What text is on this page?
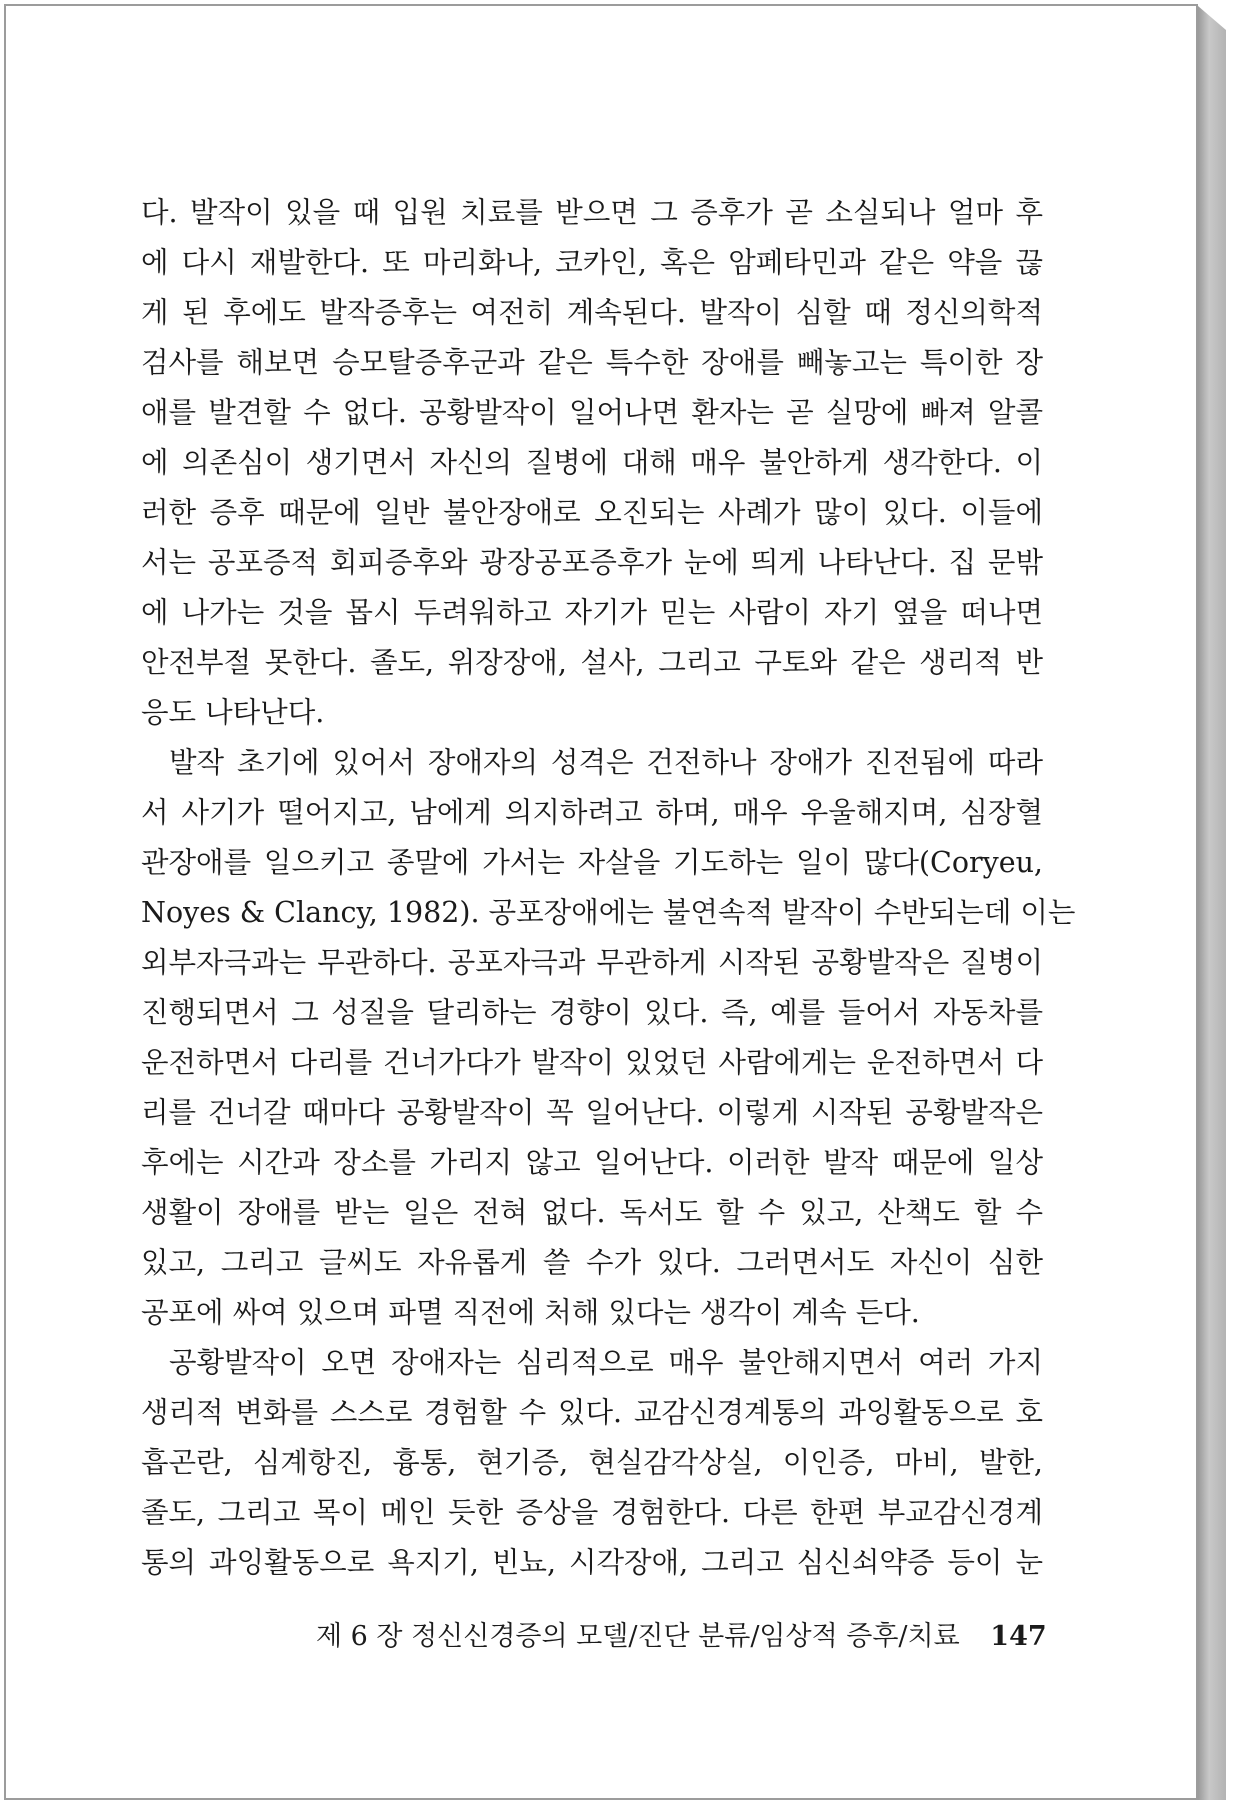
다. 발작이 있을 때 입원 치료를 받으면 그 증후가 곧 소실되나 얼마 후
에 다시 재발한다. 또 마리화나, 코카인, 혹은 암페타민과 같은 약을 끊
게 된 후에도 발작증후는 여전히 계속된다. 발작이 심할 때 정신의학적
검사를 해보면 승모탈증후군과 같은 특수한 장애를 빼놓고는 특이한 장
애를 발견할 수 없다. 공황발작이 일어나면 환자는 곧 실망에 빠져 알콜
에 의존심이 생기면서 자신의 질병에 대해 매우 불안하게 생각한다. 이
러한 증후 때문에 일반 불안장애로 오진되는 사례가 많이 있다. 이들에
서는 공포증적 회피증후와 광장공포증후가 눈에 띄게 나타난다. 집 문밖
에 나가는 것을 몹시 두려워하고 자기가 믿는 사람이 자기 옆을 떠나면
안전부절 못한다. 졸도, 위장장애, 설사, 그리고 구토와 같은 생리적 반
응도 나타난다.
발작 초기에 있어서 장애자의 성격은 건전하나 장애가 진전됨에 따라
서 사기가 떨어지고, 남에게 의지하려고 하며, 매우 우울해지며, 심장혈
관장애를 일으키고 종말에 가서는 자살을 기도하는 일이 많다(Coryeu,
Noyes & Clancy, 1982). 공포장애에는 불연속적 발작이 수반되는데 이는
외부자극과는 무관하다. 공포자극과 무관하게 시작된 공황발작은 질병이
진행되면서 그 성질을 달리하는 경향이 있다. 즉, 예를 들어서 자동차를
운전하면서 다리를 건너가다가 발작이 있었던 사람에게는 운전하면서 다
리를 건너갈 때마다 공황발작이 꼭 일어난다. 이렇게 시작된 공황발작은
후에는 시간과 장소를 가리지 않고 일어난다. 이러한 발작 때문에 일상
생활이 장애를 받는 일은 전혀 없다. 독서도 할 수 있고, 산책도 할 수
있고, 그리고 글씨도 자유롭게 쓸 수가 있다. 그러면서도 자신이 심한
공포에 싸여 있으며 파멸 직전에 처해 있다는 생각이 계속 든다.
공황발작이 오면 장애자는 심리적으로 매우 불안해지면서 여러 가지
생리적 변화를 스스로 경험할 수 있다. 교감신경계통의 과잉활동으로 호
흡곤란, 심계항진, 흉통, 현기증, 현실감각상실, 이인증, 마비, 발한,
졸도, 그리고 목이 메인 듯한 증상을 경험한다. 다른 한편 부교감신경계
통의 과잉활동으로 욕지기, 빈뇨, 시각장애, 그리고 심신쇠약증 등이 눈
제 6 장 정신신경증의 모델/진단 분류/임상적 증후/치료 147
